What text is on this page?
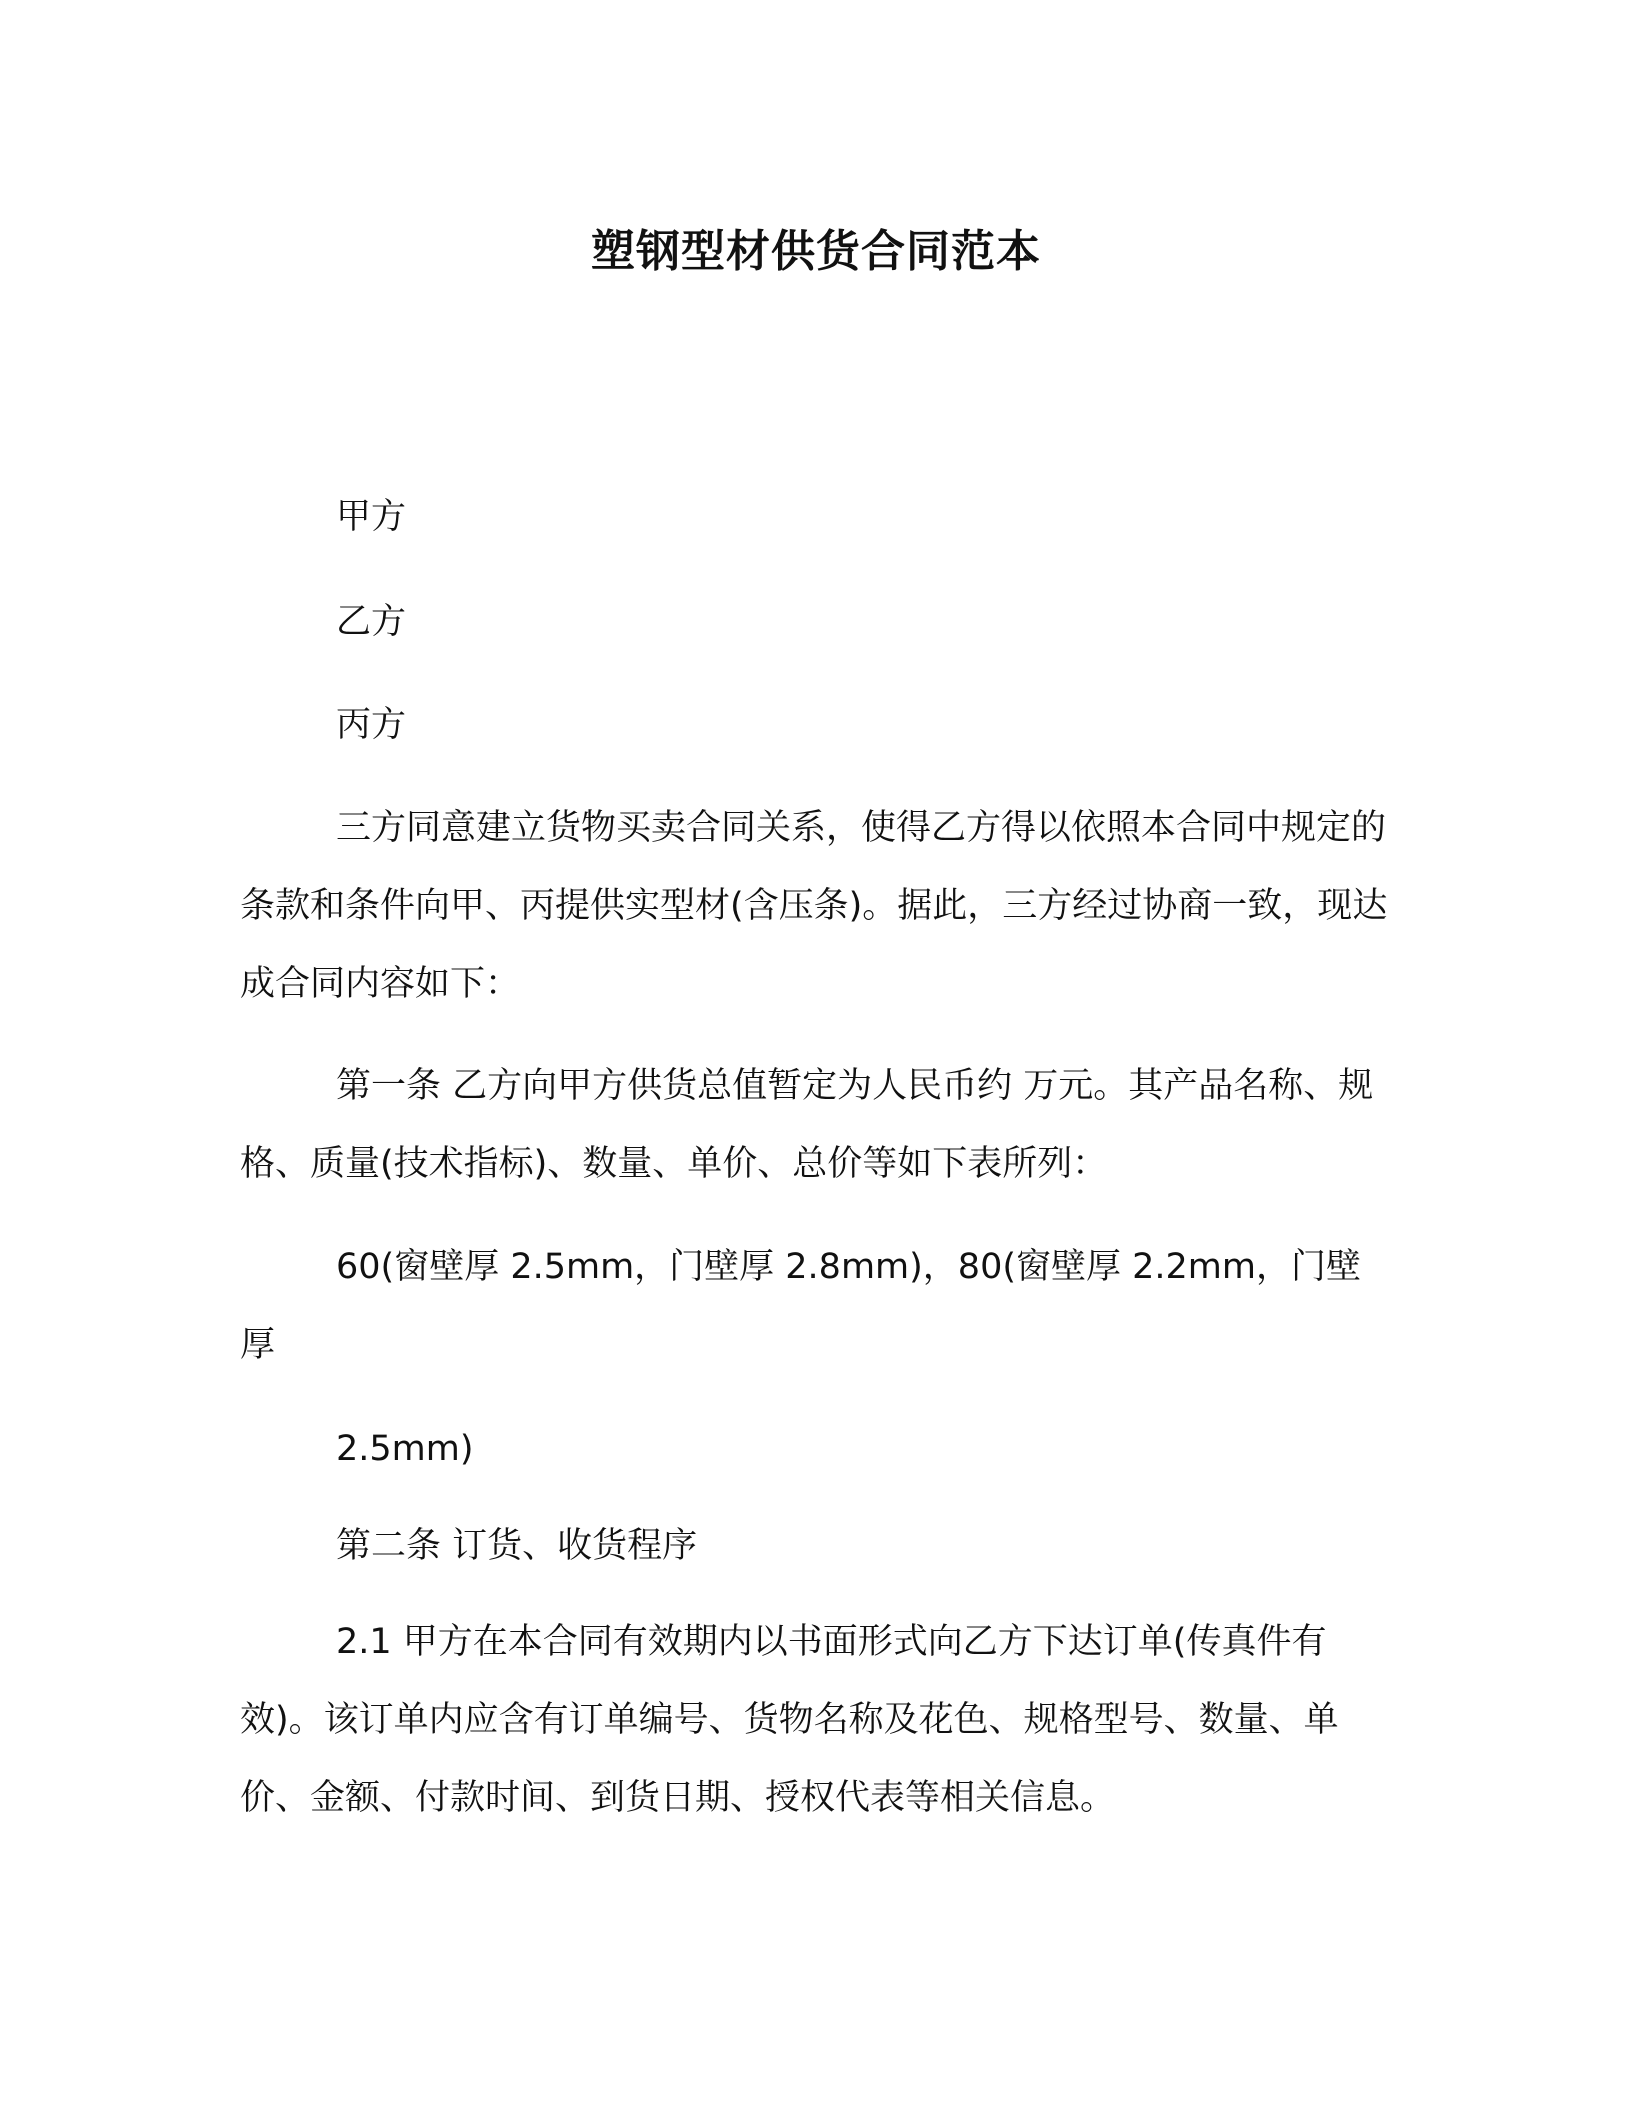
塑钢型材供货合同范本

甲方

乙方

丙方

三方同意建立货物买卖合同关系，使得乙方得以依照本合同中规定的条款和条件向甲、丙提供实型材(含压条)。据此，三方经过协商一致，现达成合同内容如下：

第一条 乙方向甲方供货总值暂定为人民币约 万元。其产品名称、规格、质量(技术指标)、数量、单价、总价等如下表所列：

60(窗壁厚 2.5mm，门壁厚 2.8mm)，80(窗壁厚 2.2mm，门壁厚

2.5mm)

第二条 订货、收货程序

2.1 甲方在本合同有效期内以书面形式向乙方下达订单(传真件有效)。该订单内应含有订单编号、货物名称及花色、规格型号、数量、单价、金额、付款时间、到货日期、授权代表等相关信息。
